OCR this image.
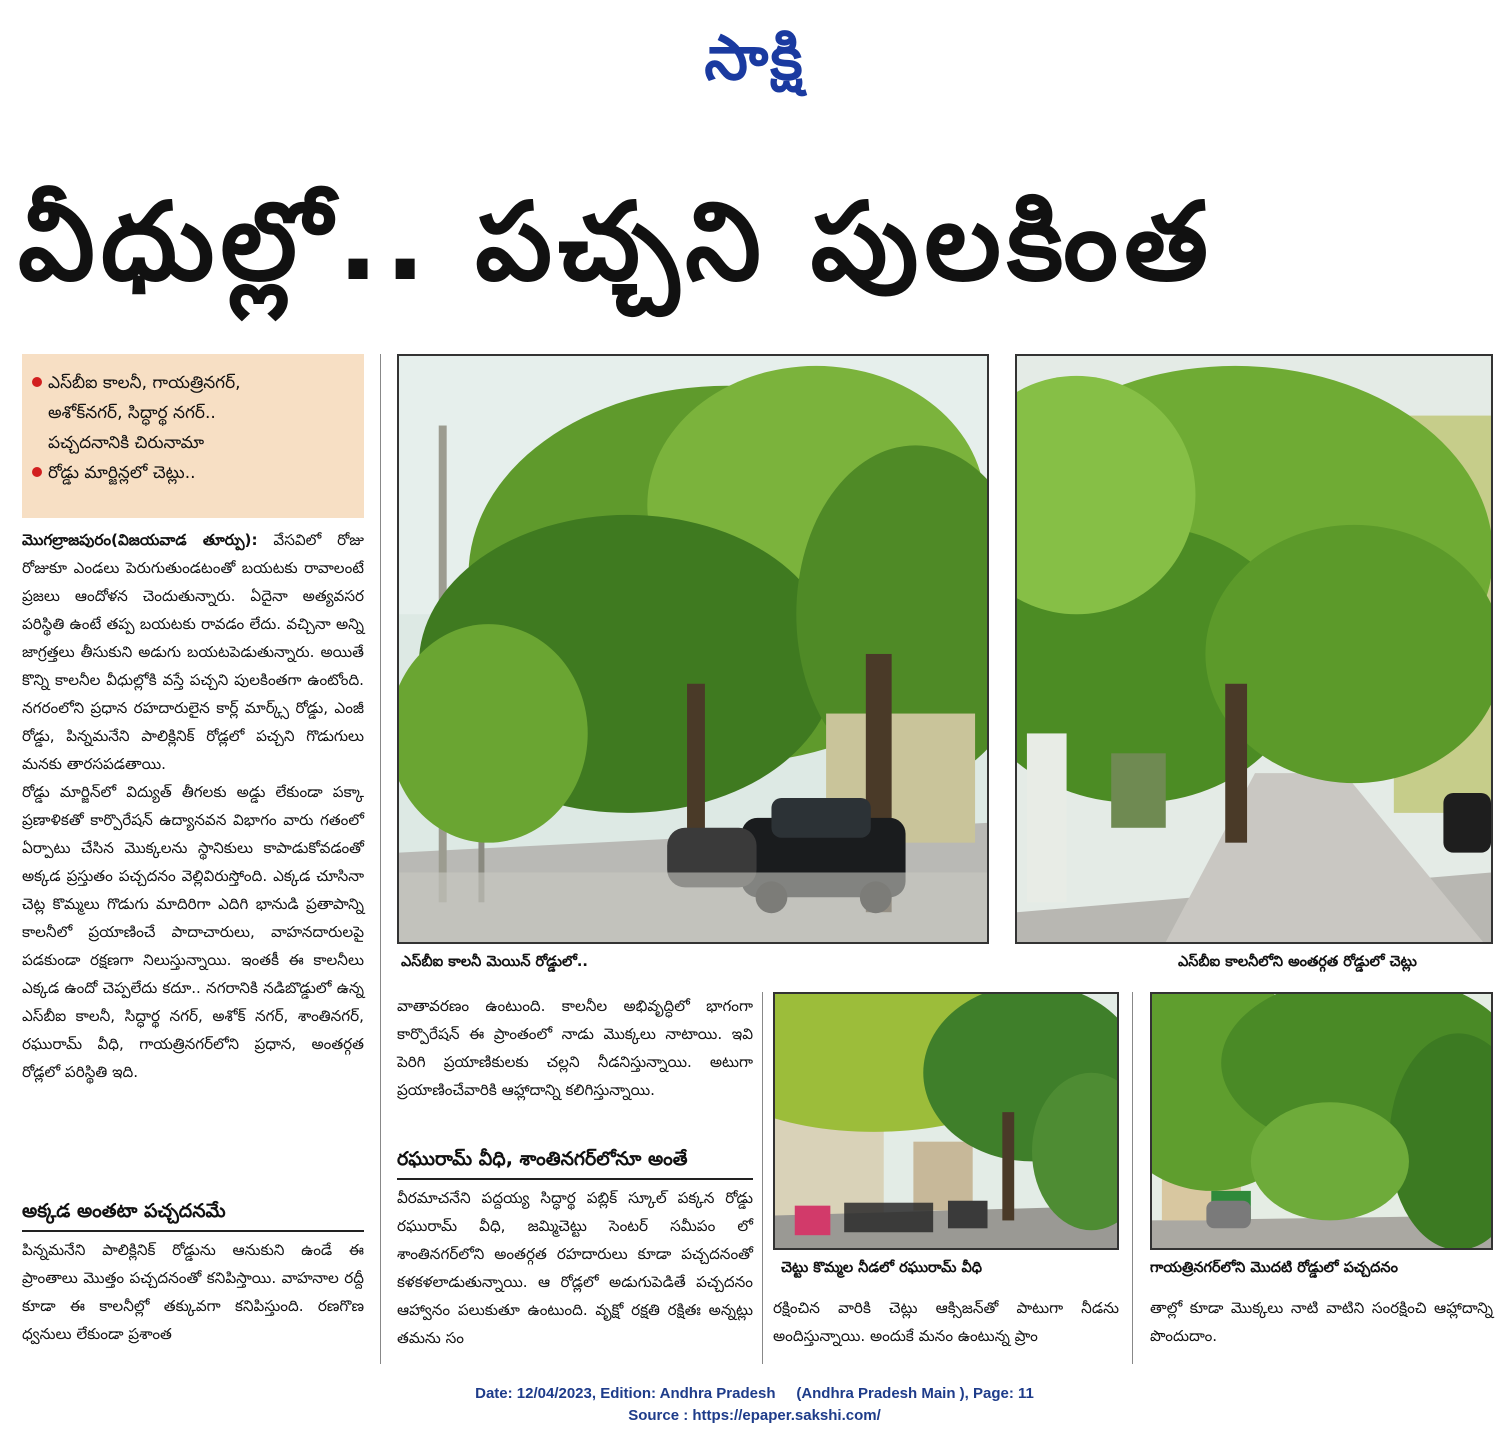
సాక్షి
వీధుల్లో.. పచ్చని పులకింత
ఎస్‌బీఐ కాలనీ, గాయత్రినగర్,
అశోక్‌నగర్, సిద్ధార్థ నగర్..
పచ్చదనానికి చిరునామా
రోడ్డు మార్జిన్లలో చెట్లు..

మొగల్రాజపురం(విజయవాడ తూర్పు): వేసవిలో రోజు రోజుకూ ఎండలు పెరుగుతుండటంతో బయటకు రావాలంటే ప్రజలు ఆందోళన చెందుతున్నారు. ఏదైనా అత్యవసర పరిస్థితి ఉంటే తప్ప బయటకు రావడం లేదు. వచ్చినా అన్ని జాగ్రత్తలు తీసుకుని అడుగు బయటపెడుతున్నారు. అయితే కొన్ని కాలనీల వీధుల్లోకి వస్తే పచ్చని పులకింతగా ఉంటోంది. నగరంలోని ప్రధాన రహదారులైన కార్ల్‌ మార్క్స్‌ రోడ్డు, ఎంజీ రోడ్డు, పిన్నమనేని పాలిక్లినిక్‌ రోడ్లలో పచ్చని గొడుగులు మనకు తారసపడతాయి.

రోడ్డు మార్జిన్‌లో విద్యుత్‌ తీగలకు అడ్డు లేకుండా పక్కా ప్రణాళికతో కార్పొరేషన్‌ ఉద్యానవన విభాగం వారు గతంలో ఏర్పాటు చేసిన మొక్కలను స్థానికులు కాపాడుకోవడంతో అక్కడ ప్రస్తుతం పచ్చదనం వెల్లివిరుస్తోంది. ఎక్కడ చూసినా చెట్ల కొమ్మలు గొడుగు మాదిరిగా ఎదిగి భానుడి ప్రతాపాన్ని కాలనీలో ప్రయాణించే పాదాచారులు, వాహనదారులపై పడకుండా రక్షణగా నిలుస్తున్నాయి. ఇంతకీ ఈ కాలనీలు ఎక్కడ ఉందో చెప్పలేదు కదూ.. నగరానికి నడిబొడ్డులో ఉన్న ఎస్‌బీఐ కాలనీ, సిద్ధార్థ నగర్‌, అశోక్‌ నగర్‌, శాంతినగర్‌, రఘురామ్‌ వీధి, గాయత్రినగర్‌లోని ప్రధాన, అంతర్గత రోడ్లలో పరిస్థితి ఇది.

అక్కడ అంతటా పచ్చదనమే

పిన్నమనేని పాలిక్లినిక్‌ రోడ్డును ఆనుకుని ఉండే ఈ ప్రాంతాలు మొత్తం పచ్చదనంతో కనిపిస్తాయి. వాహనాల రద్దీ కూడా ఈ కాలనీల్లో తక్కువగా కనిపిస్తుంది. రణగొణ ధ్వనులు లేకుండా ప్రశాంత

ఎస్‌బీఐ కాలనీ మెయిన్‌ రోడ్డులో..	ఎస్‌బీఐ కాలనీలోని అంతర్గత రోడ్డులో చెట్లు

వాతావరణం ఉంటుంది. కాలనీల అభివృద్ధిలో భాగంగా కార్పొరేషన్‌ ఈ ప్రాంతంలో నాడు మొక్కలు నాటాయి. ఇవి పెరిగి ప్రయాణికులకు చల్లని నీడనిస్తున్నాయి. అటుగా ప్రయాణించేవారికి ఆహ్లాదాన్ని కలిగిస్తున్నాయి.

రఘురామ్‌ వీధి, శాంతినగర్‌లోనూ అంతే

వీరమాచనేని పద్దయ్య సిద్ధార్థ పబ్లిక్‌ స్కూల్‌ పక్కన రోడ్డు రఘురామ్‌ వీధి, జమ్మిచెట్టు సెంటర్‌ సమీపం లో శాంతినగర్‌లోని అంతర్గత రహదారులు కూడా పచ్చదనంతో కళకళలాడుతున్నాయి. ఆ రోడ్లలో అడుగుపెడితే పచ్చదనం ఆహ్వానం పలుకుతూ ఉంటుంది. వృక్షో రక్షతి రక్షితః అన్నట్లు తమను సం

చెట్టు కొమ్మల నీడలో రఘురామ్‌ వీధి

రక్షించిన వారికి చెట్లు ఆక్సిజన్‌తో పాటుగా నీడను అందిస్తున్నాయి. అందుకే మనం ఉంటున్న ప్రాం

గాయత్రినగర్‌లోని మొదటి రోడ్డులో పచ్చదనం

తాల్లో కూడా మొక్కలు నాటి వాటిని సంరక్షించి ఆహ్లాదాన్ని పొందుదాం.

Date: 12/04/2023, Edition: Andhra Pradesh     (Andhra Pradesh Main ), Page: 11
Source : https://epaper.sakshi.com/
